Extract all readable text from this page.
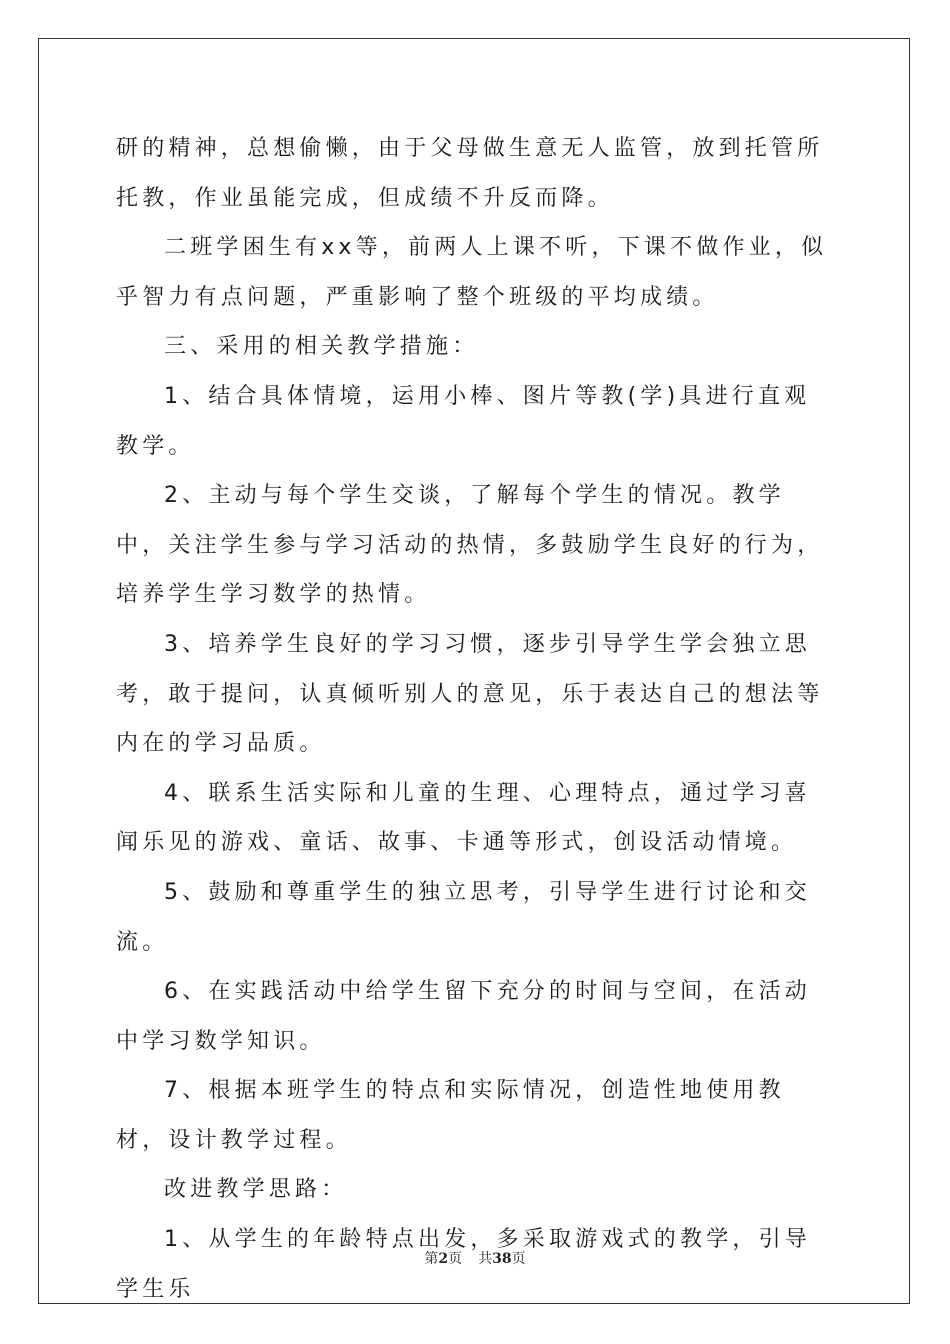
研的精神，总想偷懒，由于父母做生意无人监管，放到托管所托教，作业虽能完成，但成绩不升反而降。

二班学困生有xx等，前两人上课不听，下课不做作业，似乎智力有点问题，严重影响了整个班级的平均成绩。

三、采用的相关教学措施：

1、结合具体情境，运用小棒、图片等教(学)具进行直观教学。

2、主动与每个学生交谈，了解每个学生的情况。教学中，关注学生参与学习活动的热情，多鼓励学生良好的行为，培养学生学习数学的热情。

3、培养学生良好的学习习惯，逐步引导学生学会独立思考，敢于提问，认真倾听别人的意见，乐于表达自己的想法等内在的学习品质。

4、联系生活实际和儿童的生理、心理特点，通过学习喜闻乐见的游戏、童话、故事、卡通等形式，创设活动情境。

5、鼓励和尊重学生的独立思考，引导学生进行讨论和交流。

6、在实践活动中给学生留下充分的时间与空间，在活动中学习数学知识。

7、根据本班学生的特点和实际情况，创造性地使用教材，设计教学过程。

改进教学思路：

1、从学生的年龄特点出发，多采取游戏式的教学，引导学生乐

第2页 共38页
